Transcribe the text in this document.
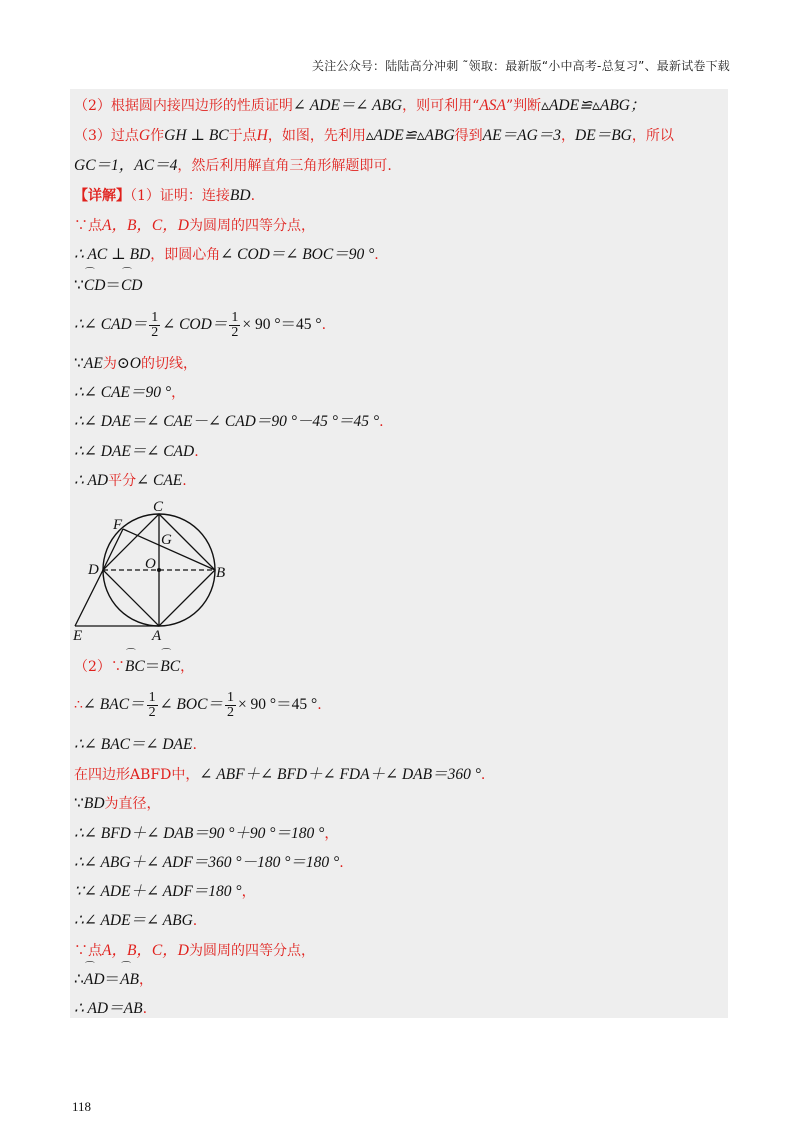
关注公众号：陆陆高分冲刺 ˜领取：最新版“小中高考-总复习”、最新试卷下载
（2）根据圆内接四边形的性质证明∠ ADE＝∠ ABG，则可利用“ASA”判断▵ADE≌▵ABG；
（3）过点G作GH ⊥ BC于点H，如图，先利用▵ADE≌▵ABG得到AE＝AG＝3，DE＝BG，所以
GC＝1，AC＝4，然后利用解直角三角形解题即可.
【详解】（1）证明：连接BD.
∵点A，B，C，D为圆周的四等分点，
∴ AC ⊥ BD，即圆心角∠ COD＝∠ BOC＝90 °.
∵⌒ CD＝⌒ CD
∴∠ $CAD= \frac{1}{2}$ ∠ $COD= \frac{1}{2} \times 90$ °＝45 °.
∵AE为⊙O的切线，
∴∠ CAE＝90 °，
∴∠ DAE＝∠ CAE－∠ CAD＝90 °－45 °＝45 °.
∴∠ DAE＝∠ CAD.
∴ AD平分∠ CAE.
C
F
G
D	O
B
E	A
（2）∵⌒ BC＝⌒ BC，
∴∠ $BAC= \frac{1}{2}$ ∠ $BOC= \frac{1}{2} \times 90$ °＝45 °.
∴∠ BAC＝∠ DAE.
在四边形ABFD中，∠ ABF＋∠ BFD＋∠ FDA＋∠ DAB＝360 °.
∵BD为直径，
∴∠ BFD＋∠ DAB＝90 °＋90 °＝180 °，
∴∠ ABG＋∠ ADF＝360 °－180 °＝180 °.
∵∠ ADE＋∠ ADF＝180 °，
∴∠ ADE＝∠ ABG.
∵点A，B，C，D为圆周的四等分点，
∴⌒ AD＝⌒ AB，
∴ AD＝AB.
118
